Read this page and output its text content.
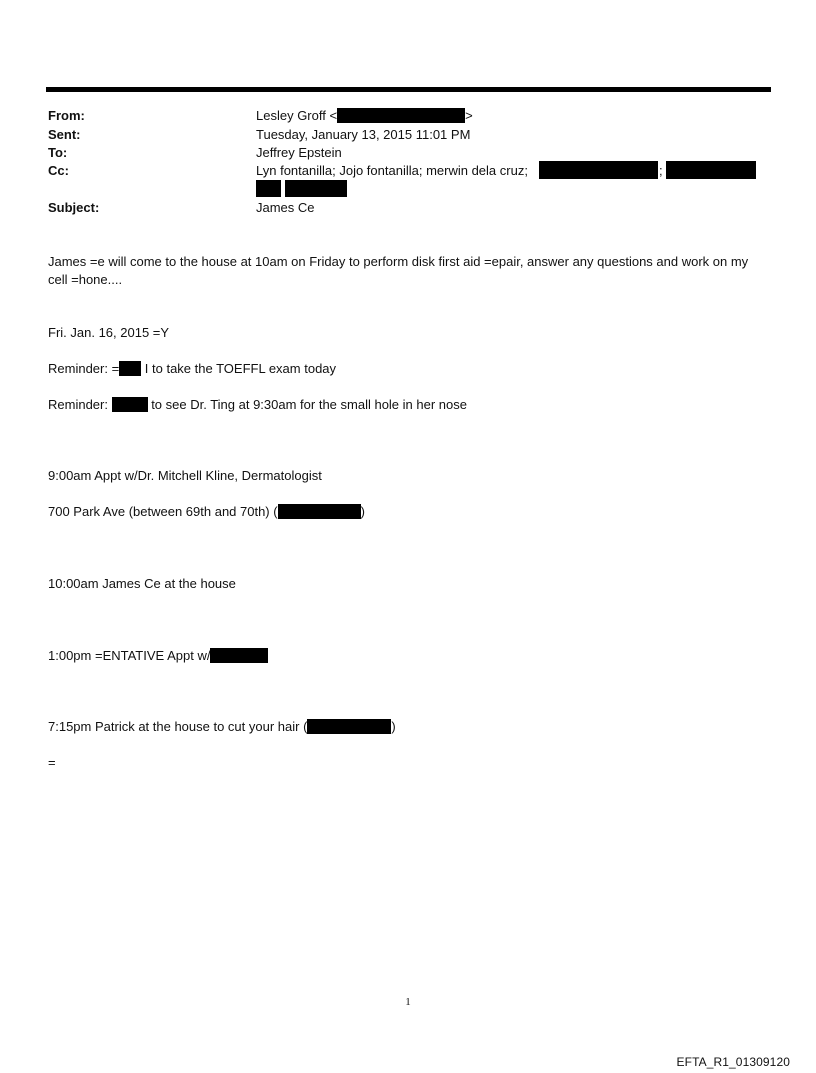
From:	Lesley Groff <	>
Sent:	Tuesday, January 13, 2015 11:01 PM
To:	Jeffrey Epstein
Cc:	Lyn fontanilla; Jojo fontanilla; merwin dela cruz;	;
Subject:	James Ce
James =e will come to the house at 10am on Friday to perform disk first aid =epair, answer any questions and work on my cell =hone....
Fri. Jan. 16, 2015 =Y
Reminder: = I to take the TOEFFL exam today
Reminder:	to see Dr. Ting at 9:30am for the small hole in her nose
9:00am Appt w/Dr. Mitchell Kline, Dermatologist
700 Park Ave (between 69th and 70th) (	)
10:00am James Ce at the house
1:00pm =ENTATIVE Appt w/
7:15pm Patrick at the house to cut your hair (	)
=
1
EFTA_R1_01309120
